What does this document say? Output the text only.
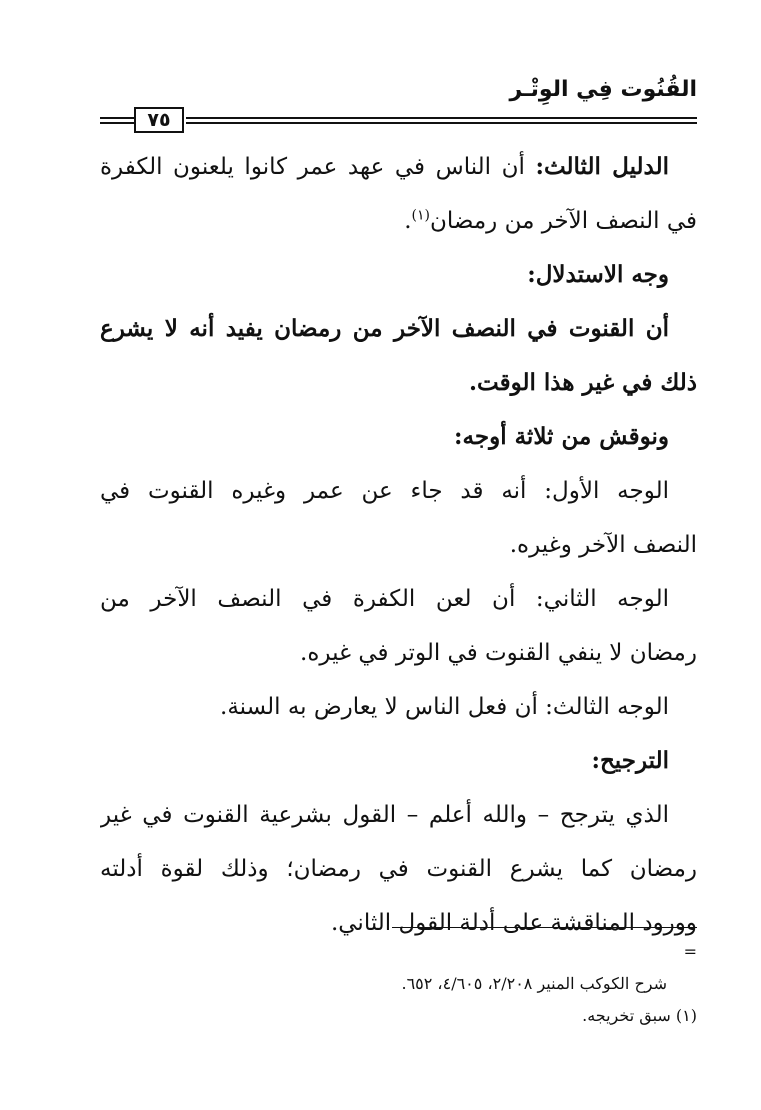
القُنُوت فِي الوِتْـر
٧٥
الدليل الثالث: أن الناس في عهد عمر كانوا يلعنون الكفرة
في النصف الآخر من رمضان$^{(١)}$.
وجه الاستدلال:
أن القنوت في النصف الآخر من رمضان يفيد أنه لا يشرع
ذلك في غير هذا الوقت.
ونوقش من ثلاثة أوجه:
الوجه الأول: أنه قد جاء عن عمر وغيره القنوت في
النصف الآخر وغيره.
الوجه الثاني: أن لعن الكفرة في النصف الآخر من
رمضان لا ينفي القنوت في الوتر في غيره.
الوجه الثالث: أن فعل الناس لا يعارض به السنة.
الترجيح:
الذي يترجح – والله أعلم – القول بشرعية القنوت في غير
رمضان كما يشرع القنوت في رمضان؛ وذلك لقوة أدلته
وورود المناقشة على أدلة القول الثاني.
=
شرح الكوكب المنير ٢/٢٠٨، ٤/٦٠٥، ٦٥٢.
(١) سبق تخريجه.
